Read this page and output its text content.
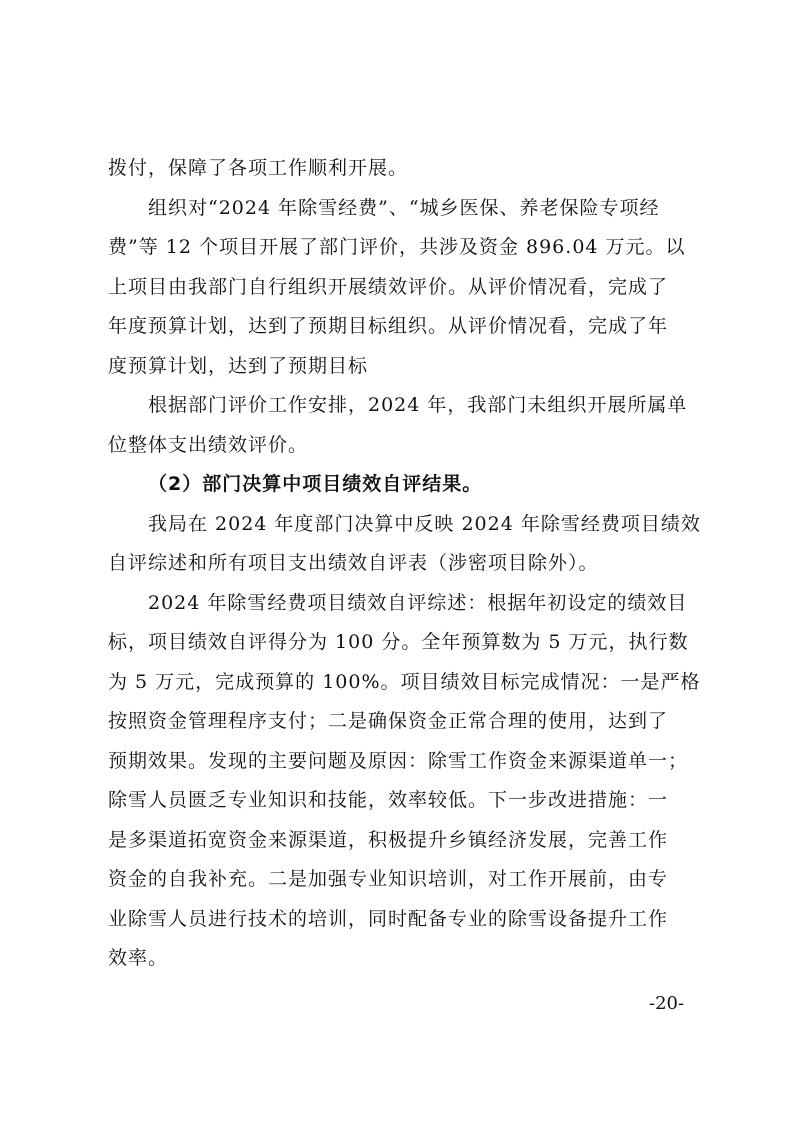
拨付，保障了各项工作顺利开展。
组织对“2024 年除雪经费”、“城乡医保、养老保险专项经
费”等 12 个项目开展了部门评价，共涉及资金 896.04 万元。以
上项目由我部门自行组织开展绩效评价。从评价情况看，完成了
年度预算计划，达到了预期目标组织。从评价情况看，完成了年
度预算计划，达到了预期目标
根据部门评价工作安排，2024 年，我部门未组织开展所属单
位整体支出绩效评价。
（2）部门决算中项目绩效自评结果。
我局在 2024 年度部门决算中反映 2024 年除雪经费项目绩效
自评综述和所有项目支出绩效自评表（涉密项目除外）。
2024 年除雪经费项目绩效自评综述：根据年初设定的绩效目
标，项目绩效自评得分为 100 分。全年预算数为 5 万元，执行数
为 5 万元，完成预算的 100%。项目绩效目标完成情况：一是严格
按照资金管理程序支付；二是确保资金正常合理的使用，达到了
预期效果。发现的主要问题及原因：除雪工作资金来源渠道单一；
除雪人员匮乏专业知识和技能，效率较低。下一步改进措施：一
是多渠道拓宽资金来源渠道，积极提升乡镇经济发展，完善工作
资金的自我补充。二是加强专业知识培训，对工作开展前，由专
业除雪人员进行技术的培训，同时配备专业的除雪设备提升工作
效率。
-20-
